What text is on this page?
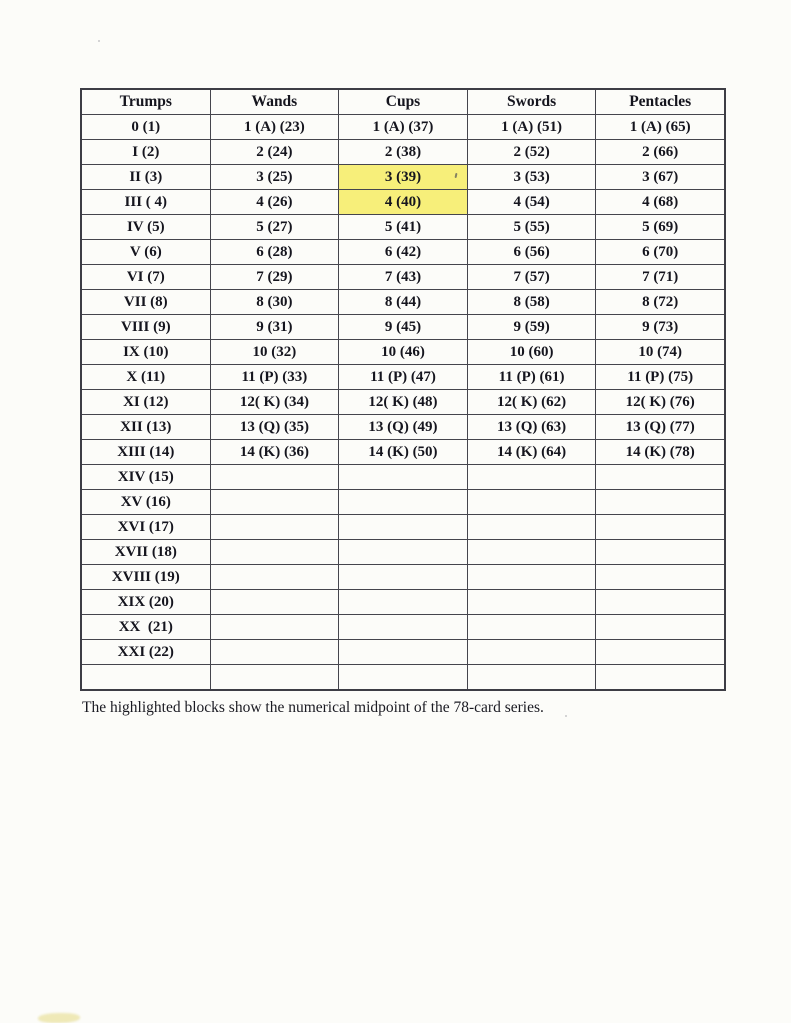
Trumps	Wands	Cups	Swords	Pentacles
0 (1)	1 (A) (23)	1 (A) (37)	1 (A) (51)	1 (A) (65)
I (2)	2 (24)	2 (38)	2 (52)	2 (66)
II (3)	3 (25)	3 (39)	3 (53)	3 (67)
III ( 4)	4 (26)	4 (40)	4 (54)	4 (68)
IV (5)	5 (27)	5 (41)	5 (55)	5 (69)
V (6)	6 (28)	6 (42)	6 (56)	6 (70)
VI (7)	7 (29)	7 (43)	7 (57)	7 (71)
VII (8)	8 (30)	8 (44)	8 (58)	8 (72)
VIII (9)	9 (31)	9 (45)	9 (59)	9 (73)
IX (10)	10 (32)	10 (46)	10 (60)	10 (74)
X (11)	11 (P) (33)	11 (P) (47)	11 (P) (61)	11 (P) (75)
XI (12)	12( K) (34)	12( K) (48)	12( K) (62)	12( K) (76)
XII (13)	13 (Q) (35)	13 (Q) (49)	13 (Q) (63)	13 (Q) (77)
XIII (14)	14 (K) (36)	14 (K) (50)	14 (K) (64)	14 (K) (78)
XIV (15)				
XV (16)				
XVI (17)				
XVII (18)				
XVIII (19)				
XIX (20)				
XX  (21)				
XXI (22)				

The highlighted blocks show the numerical midpoint of the 78-card series.
